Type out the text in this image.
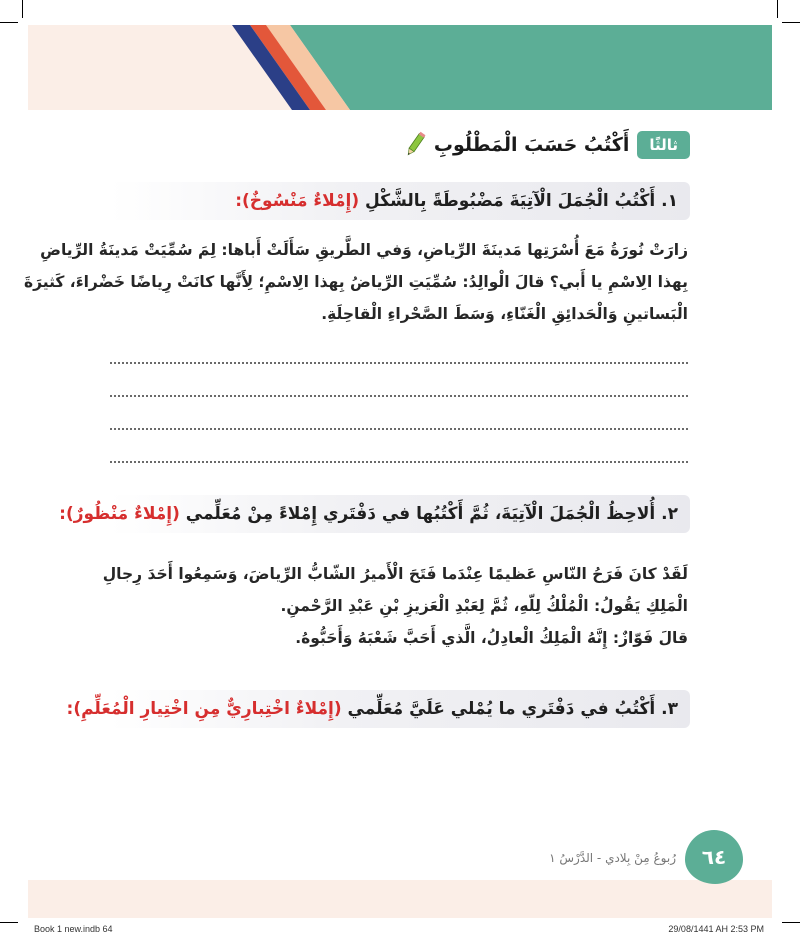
ثالثًا
أَكْتُبُ حَسَبَ الْمَطْلُوبِ
١. أَكْتُبُ الْجُمَلَ الْآتِيَةَ مَضْبُوطَةً بِالشَّكْلِ (إِمْلاءٌ مَنْسُوخٌ):
زارَتْ نُورَةُ مَعَ أُسْرَتِها مَدينَةَ الرِّياضِ، وَفي الطَّريقِ سَأَلَتْ أَباها: لِمَ سُمِّيَتْ مَدينَةُ الرِّياضِ
بِهذا الِاسْمِ يا أَبي؟ قالَ الْوالِدُ: سُمِّيَتِ الرِّياضُ بِهذا الِاسْمِ؛ لِأَنَّها كانَتْ رِياضًا خَضْراءَ، كَثيرَةَ
الْبَساتينِ وَالْحَدائِقِ الْغَنّاءِ، وَسَطَ الصَّحْراءِ الْقاحِلَةِ.
٢. أُلاحِظُ الْجُمَلَ الْآتِيَةَ، ثُمَّ أَكْتُبُها في دَفْتَري إِمْلاءً مِنْ مُعَلِّمي (إِمْلاءٌ مَنْظُورٌ):
لَقَدْ كانَ فَرَحُ النّاسِ عَظيمًا عِنْدَما فَتَحَ الْأَميرُ الشّابُّ الرِّياضَ، وَسَمِعُوا أَحَدَ رِجالِ
الْمَلِكِ يَقُولُ: الْمُلْكُ لِلّهِ، ثُمَّ لِعَبْدِ الْعَزيزِ بْنِ عَبْدِ الرَّحْمنِ.
قالَ فَوّازٌ: إِنَّهُ الْمَلِكُ الْعادِلُ، الَّذي أَحَبَّ شَعْبَهُ وَأَحَبُّوهُ.
٣. أَكْتُبُ في دَفْتَري ما يُمْلي عَلَيَّ مُعَلِّمي (إِمْلاءٌ اخْتِبارِيٌّ مِنِ اخْتِيارِ الْمُعَلِّمِ):
٦٤
رُبوعُ مِنْ بِلادي - الدَّرْسُ ١
Book 1 new.indb 64	29/08/1441 AH 2:53 PM
